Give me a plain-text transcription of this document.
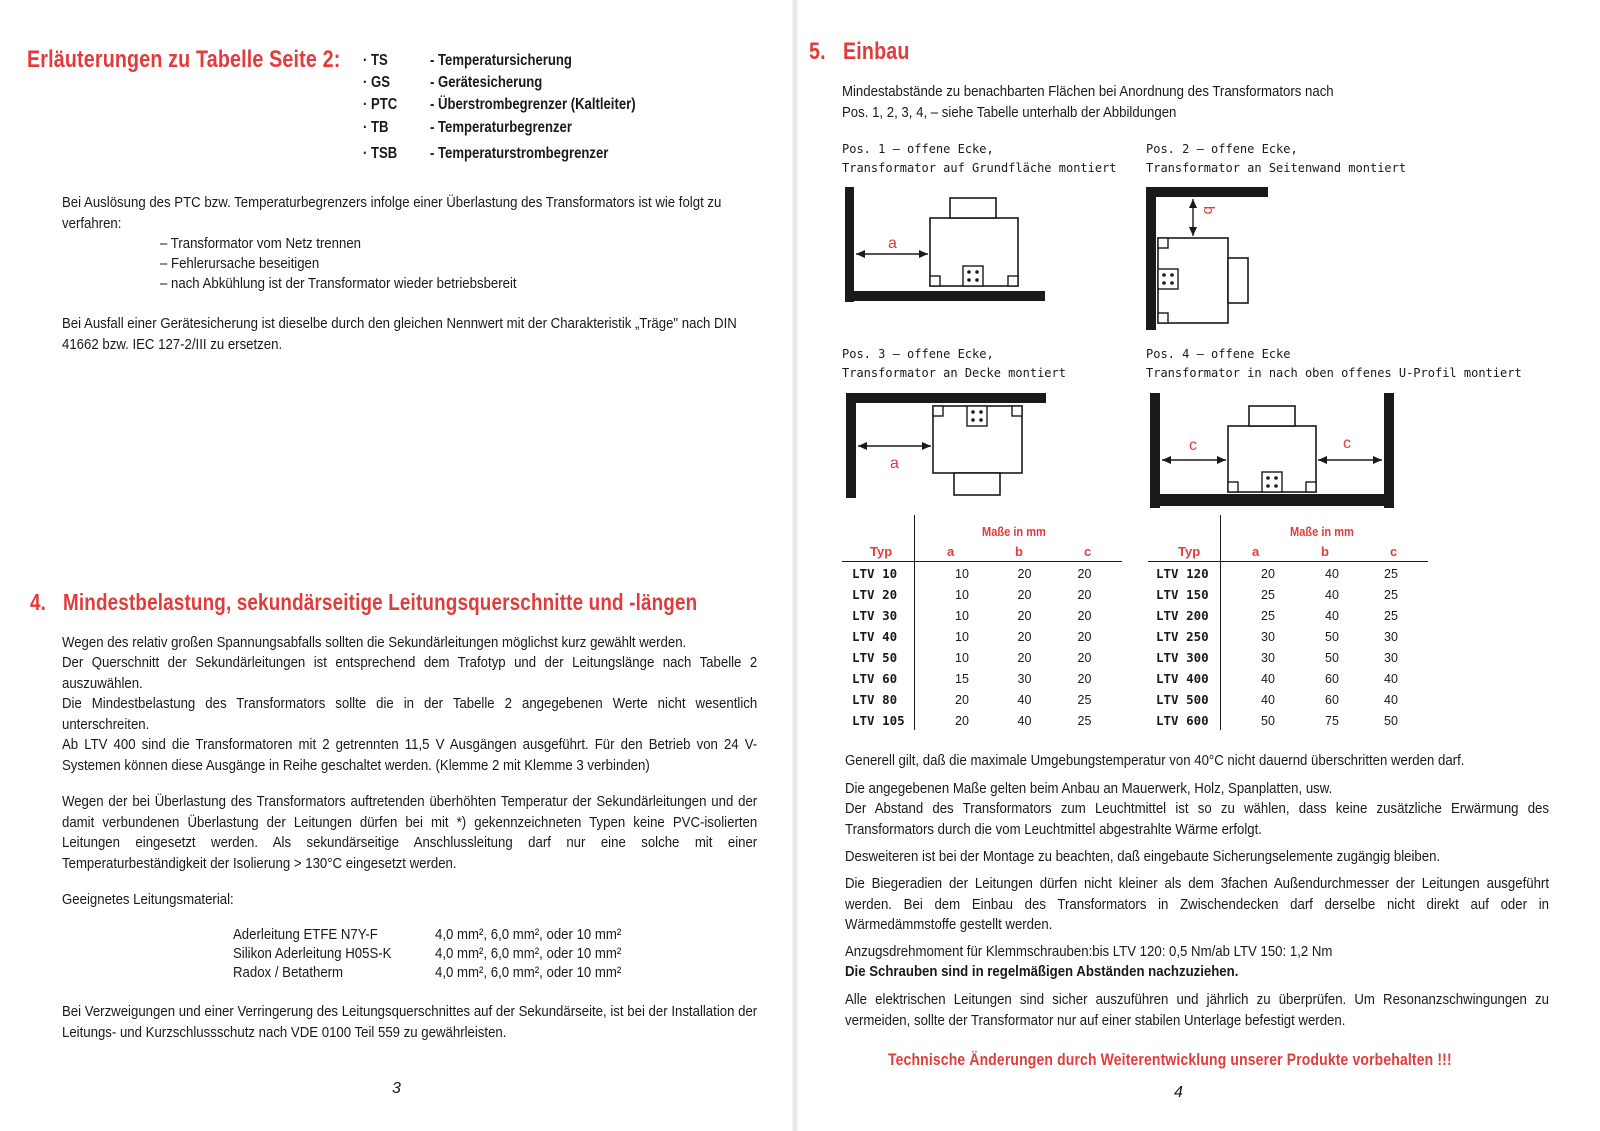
Erläuterungen zu Tabelle Seite 2: · TS	- Temperatursicherung
· GS	- Gerätesicherung
· PTC - Überstrombegrenzer (Kaltleiter)
· TB	- Temperaturbegrenzer
· TSB - Temperaturstrombegrenzer
Bei Auslösung des PTC bzw. Temperaturbegrenzers infolge einer Überlastung des Transformators ist wie folgt zu verfahren:
– Transformator vom Netz trennen
– Fehlerursache beseitigen
– nach Abkühlung ist der Transformator wieder betriebsbereit
Bei Ausfall einer Gerätesicherung ist dieselbe durch den gleichen Nennwert mit der Charakteristik „Träge" nach DIN 41662 bzw. IEC 127-2/III zu ersetzen.
4. Mindestbelastung, sekundärseitige Leitungsquerschnitte und -längen
Wegen des relativ großen Spannungsabfalls sollten die Sekundärleitungen möglichst kurz gewählt werden.
Der Querschnitt der Sekundärleitungen ist entsprechend dem Trafotyp und der Leitungslänge nach Tabelle 2 auszuwählen.
Die Mindestbelastung des Transformators sollte die in der Tabelle 2 angegebenen Werte nicht wesentlich unterschreiten.
Ab LTV 400 sind die Transformatoren mit 2 getrennten 11,5 V Ausgängen ausgeführt. Für den Betrieb von 24 V-Systemen können diese Ausgänge in Reihe geschaltet werden. (Klemme 2 mit Klemme 3 verbinden)
Wegen der bei Überlastung des Transformators auftretenden überhöhten Temperatur der Sekundärleitungen und der damit verbundenen Überlastung der Leitungen dürfen bei mit *) gekennzeichneten Typen keine PVC-isolierten Leitungen eingesetzt werden. Als sekundärseitige Anschlussleitung darf nur eine solche mit einer Temperaturbeständigkeit der Isolierung > 130°C eingesetzt werden.
Geeignetes Leitungsmaterial:
Aderleitung ETFE N7Y-F	4,0 mm², 6,0 mm², oder 10 mm²
Silikon Aderleitung H05S-K	4,0 mm², 6,0 mm², oder 10 mm²
Radox / Betatherm	4,0 mm², 6,0 mm², oder 10 mm²
Bei Verzweigungen und einer Verringerung des Leitungsquerschnittes auf der Sekundärseite, ist bei der Installation der Leitungs- und Kurzschlussschutz nach VDE 0100 Teil 559 zu gewährleisten.
3
5. Einbau
Mindestabstände zu benachbarten Flächen bei Anordnung des Transformators nach Pos. 1, 2, 3, 4, – siehe Tabelle unterhalb der Abbildungen
Pos. 1 – offene Ecke,
Transformator auf Grundfläche montiert
Pos. 2 – offene Ecke,
Transformator an Seitenwand montiert
Pos. 3 – offene Ecke,
Transformator an Decke montiert
Pos. 4 – offene Ecke
Transformator in nach oben offenes U-Profil montiert
a
b
a
c	c
Maße in mm
Typ	a	b	c
LTV 10	10	20	20
LTV 20	10	20	20
LTV 30	10	20	20
LTV 40	10	20	20
LTV 50	10	20	20
LTV 60	15	30	20
LTV 80	20	40	25
LTV 105	20	40	25
Maße in mm
Typ	a	b	c
LTV 120	20	40	25
LTV 150	25	40	25
LTV 200	25	40	25
LTV 250	30	50	30
LTV 300	30	50	30
LTV 400	40	60	40
LTV 500	40	60	40
LTV 600	50	75	50
Generell gilt, daß die maximale Umgebungstemperatur von 40°C nicht dauernd überschritten werden darf.
Die angegebenen Maße gelten beim Anbau an Mauerwerk, Holz, Spanplatten, usw.
Der Abstand des Transformators zum Leuchtmittel ist so zu wählen, dass keine zusätzliche Erwärmung des Transformators durch die vom Leuchtmittel abgestrahlte Wärme erfolgt.
Desweiteren ist bei der Montage zu beachten, daß eingebaute Sicherungselemente zugängig bleiben.
Die Biegeradien der Leitungen dürfen nicht kleiner als dem 3fachen Außendurchmesser der Leitungen ausgeführt werden. Bei dem Einbau des Transformators in Zwischendecken darf derselbe nicht direkt auf oder in Wärmedämmstoffe gestellt werden.
Anzugsdrehmoment für Klemmschrauben:bis LTV 120: 0,5 Nm/ab LTV 150: 1,2 Nm
Die Schrauben sind in regelmäßigen Abständen nachzuziehen.
Alle elektrischen Leitungen sind sicher auszuführen und jährlich zu überprüfen. Um Resonanzschwingungen zu vermeiden, sollte der Transformator nur auf einer stabilen Unterlage befestigt werden.
Technische Änderungen durch Weiterentwicklung unserer Produkte vorbehalten !!!
4
